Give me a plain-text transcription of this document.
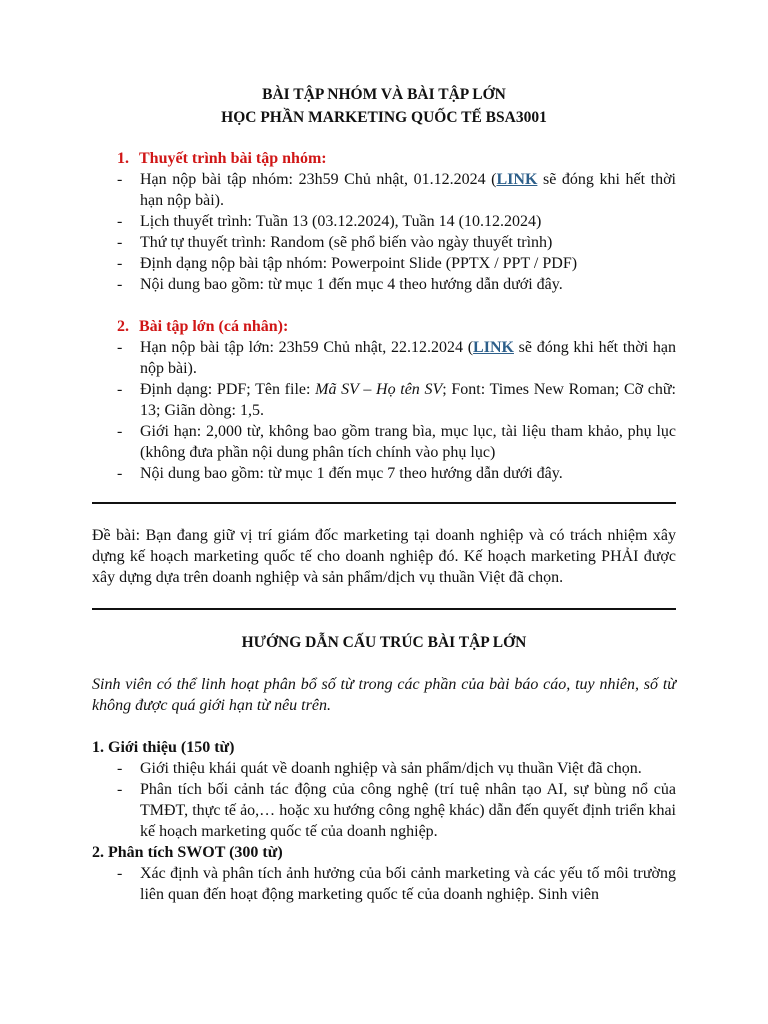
BÀI TẬP NHÓM VÀ BÀI TẬP LỚN
HỌC PHẦN MARKETING QUỐC TẾ BSA3001
1. Thuyết trình bài tập nhóm:
- Hạn nộp bài tập nhóm: 23h59 Chủ nhật, 01.12.2024 (LINK sẽ đóng khi hết thời hạn nộp bài).
- Lịch thuyết trình: Tuần 13 (03.12.2024), Tuần 14 (10.12.2024)
- Thứ tự thuyết trình: Random (sẽ phổ biến vào ngày thuyết trình)
- Định dạng nộp bài tập nhóm: Powerpoint Slide (PPTX / PPT / PDF)
- Nội dung bao gồm: từ mục 1 đến mục 4 theo hướng dẫn dưới đây.
2. Bài tập lớn (cá nhân):
- Hạn nộp bài tập lớn: 23h59 Chủ nhật, 22.12.2024 (LINK sẽ đóng khi hết thời hạn nộp bài).
- Định dạng: PDF; Tên file: Mã SV – Họ tên SV; Font: Times New Roman; Cỡ chữ: 13; Giãn dòng: 1,5.
- Giới hạn: 2,000 từ, không bao gồm trang bìa, mục lục, tài liệu tham khảo, phụ lục (không đưa phần nội dung phân tích chính vào phụ lục)
- Nội dung bao gồm: từ mục 1 đến mục 7 theo hướng dẫn dưới đây.

Đề bài: Bạn đang giữ vị trí giám đốc marketing tại doanh nghiệp và có trách nhiệm xây dựng kế hoạch marketing quốc tế cho doanh nghiệp đó. Kế hoạch marketing PHẢI được xây dựng dựa trên doanh nghiệp và sản phẩm/dịch vụ thuần Việt đã chọn.

HƯỚNG DẪN CẤU TRÚC BÀI TẬP LỚN

Sinh viên có thể linh hoạt phân bổ số từ trong các phần của bài báo cáo, tuy nhiên, số từ không được quá giới hạn từ nêu trên.

1. Giới thiệu (150 từ)
- Giới thiệu khái quát về doanh nghiệp và sản phẩm/dịch vụ thuần Việt đã chọn.
- Phân tích bối cảnh tác động của công nghệ (trí tuệ nhân tạo AI, sự bùng nổ của TMĐT, thực tế ảo,… hoặc xu hướng công nghệ khác) dẫn đến quyết định triển khai kế hoạch marketing quốc tế của doanh nghiệp.
2. Phân tích SWOT (300 từ)
- Xác định và phân tích ảnh hưởng của bối cảnh marketing và các yếu tố môi trường liên quan đến hoạt động marketing quốc tế của doanh nghiệp. Sinh viên
